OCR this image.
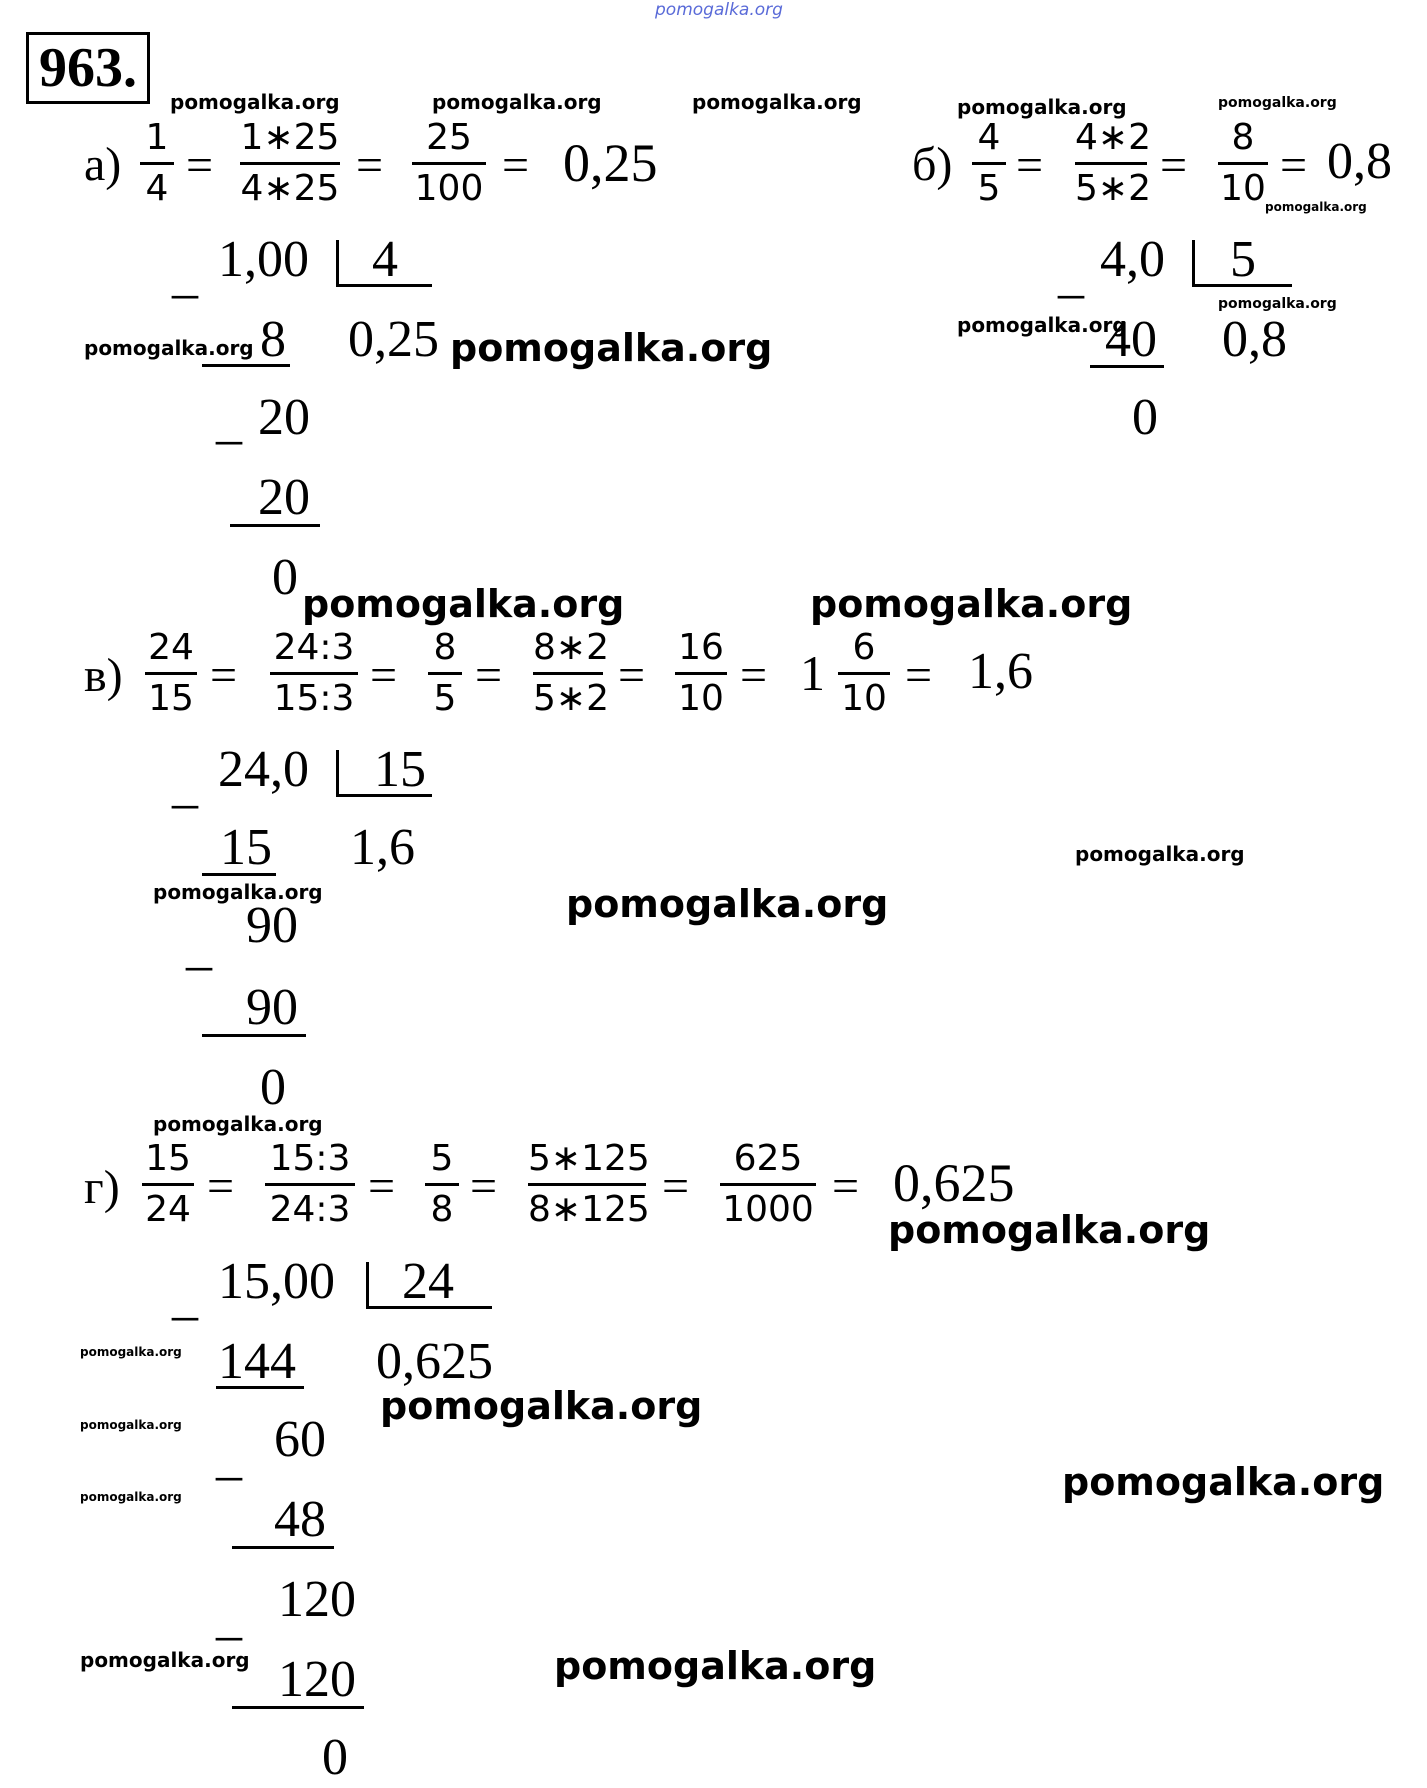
pomogalka.org
963.
pomogalka.org	pomogalka.org	pomogalka.org	pomogalka.org	pomogalka.org
а)
1
4 =
1∗25
4∗25 =
25
100 = 0,25
_ 1,00 4
8 0,25
_ 20
20
0
pomogalka.org	pomogalka.org
б)
4
5 =
4∗2
5∗2 =
8
10 = 0,8
pomogalka.org
_ 4,0 5
pomogalka.org
pomogalka.org
40 0,8
0
pomogalka.org	pomogalka.org
в)
24
15 =
24:3
15:3 =
8
5 =
8∗2
5∗2 =
16
10 = 1 6
10 = 1,6
_ 24,0 15
15 1,6	pomogalka.org
pomogalka.org	pomogalka.org
_ 90
90
0
pomogalka.org
г)
15
24 =
15:3
24:3 =
5
8 =
5∗125
8∗125 =
625
1000 = 0,625
pomogalka.org
_ 15,00 24
pomogalka.org 144 0,625
pomogalka.org
pomogalka.org
_ 60
pomogalka.org 48
pomogalka.org
_ 120
pomogalka.org 120	pomogalka.org
0
